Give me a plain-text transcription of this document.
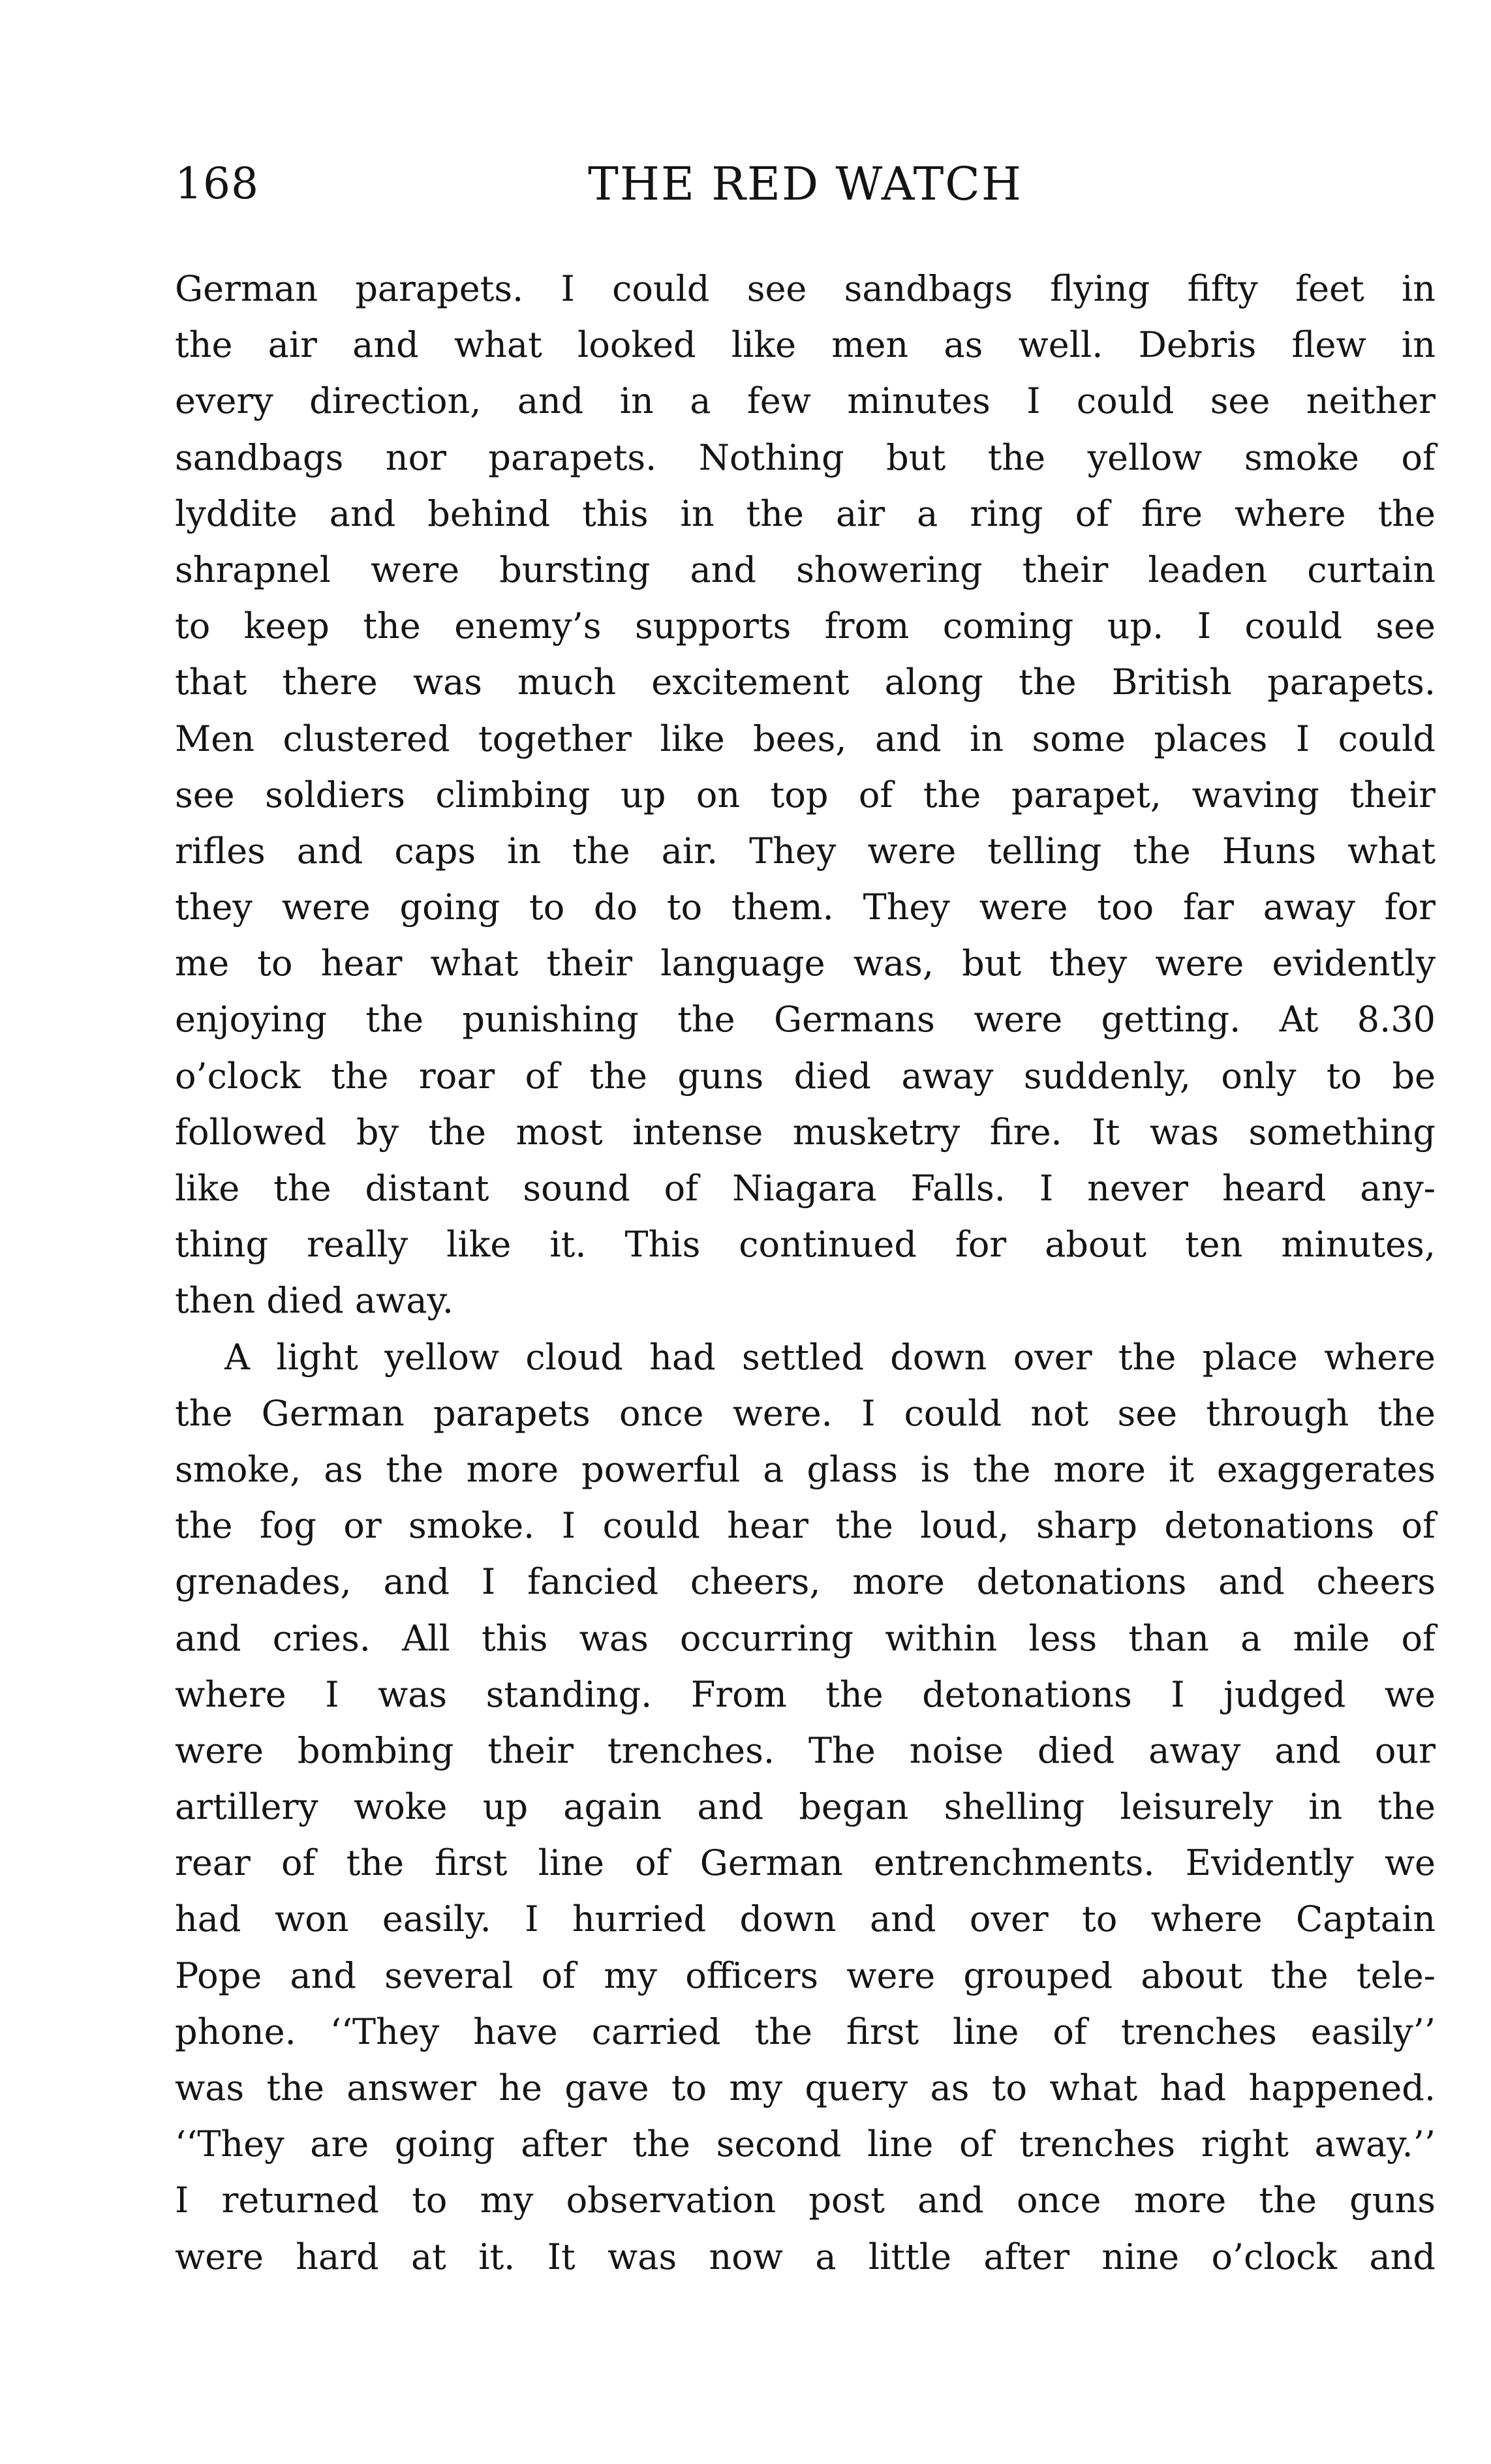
168	THE RED WATCH
German parapets. I could see sandbags flying fifty feet in
the air and what looked like men as well. Debris flew in
every direction, and in a few minutes I could see neither
sandbags nor parapets. Nothing but the yellow smoke of
lyddite and behind this in the air a ring of fire where the
shrapnel were bursting and showering their leaden curtain
to keep the enemy’s supports from coming up. I could see
that there was much excitement along the British parapets.
Men clustered together like bees, and in some places I could
see soldiers climbing up on top of the parapet, waving their
rifles and caps in the air. They were telling the Huns what
they were going to do to them. They were too far away for
me to hear what their language was, but they were evidently
enjoying the punishing the Germans were getting. At 8.30
o’clock the roar of the guns died away suddenly, only to be
followed by the most intense musketry fire. It was something
like the distant sound of Niagara Falls. I never heard any-
thing really like it. This continued for about ten minutes,
then died away.
A light yellow cloud had settled down over the place where
the German parapets once were. I could not see through the
smoke, as the more powerful a glass is the more it exaggerates
the fog or smoke. I could hear the loud, sharp detonations of
grenades, and I fancied cheers, more detonations and cheers
and cries. All this was occurring within less than a mile of
where I was standing. From the detonations I judged we
were bombing their trenches. The noise died away and our
artillery woke up again and began shelling leisurely in the
rear of the first line of German entrenchments. Evidently we
had won easily. I hurried down and over to where Captain
Pope and several of my officers were grouped about the tele-
phone. ‘‘They have carried the first line of trenches easily’’
was the answer he gave to my query as to what had happened.
‘‘They are going after the second line of trenches right away.’’
I returned to my observation post and once more the guns
were hard at it. It was now a little after nine o’clock and
